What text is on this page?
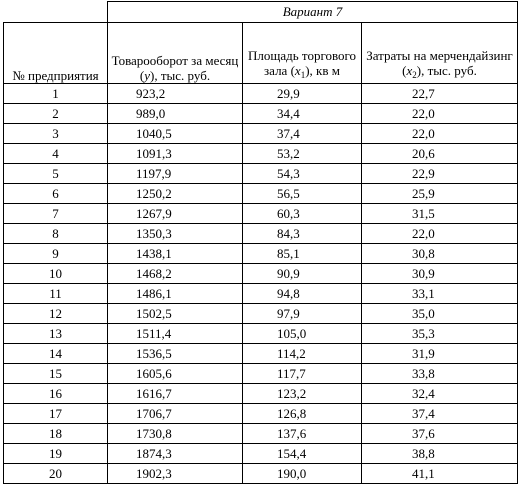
	Вариант 7		
№ предприятия	Товарооборот за месяц (y), тыс. руб.	Площадь торгового зала $(x_1)$, кв м	Затраты на мерчендайзинг $(x_2)$, тыс. руб.
1	923,2	29,9	22,7
2	989,0	34,4	22,0
3	1040,5	37,4	22,0
4	1091,3	53,2	20,6
5	1197,9	54,3	22,9
6	1250,2	56,5	25,9
7	1267,9	60,3	31,5
8	1350,3	84,3	22,0
9	1438,1	85,1	30,8
10	1468,2	90,9	30,9
11	1486,1	94,8	33,1
12	1502,5	97,9	35,0
13	1511,4	105,0	35,3
14	1536,5	114,2	31,9
15	1605,6	117,7	33,8
16	1616,7	123,2	32,4
17	1706,7	126,8	37,4
18	1730,8	137,6	37,6
19	1874,3	154,4	38,8
20	1902,3	190,0	41,1
